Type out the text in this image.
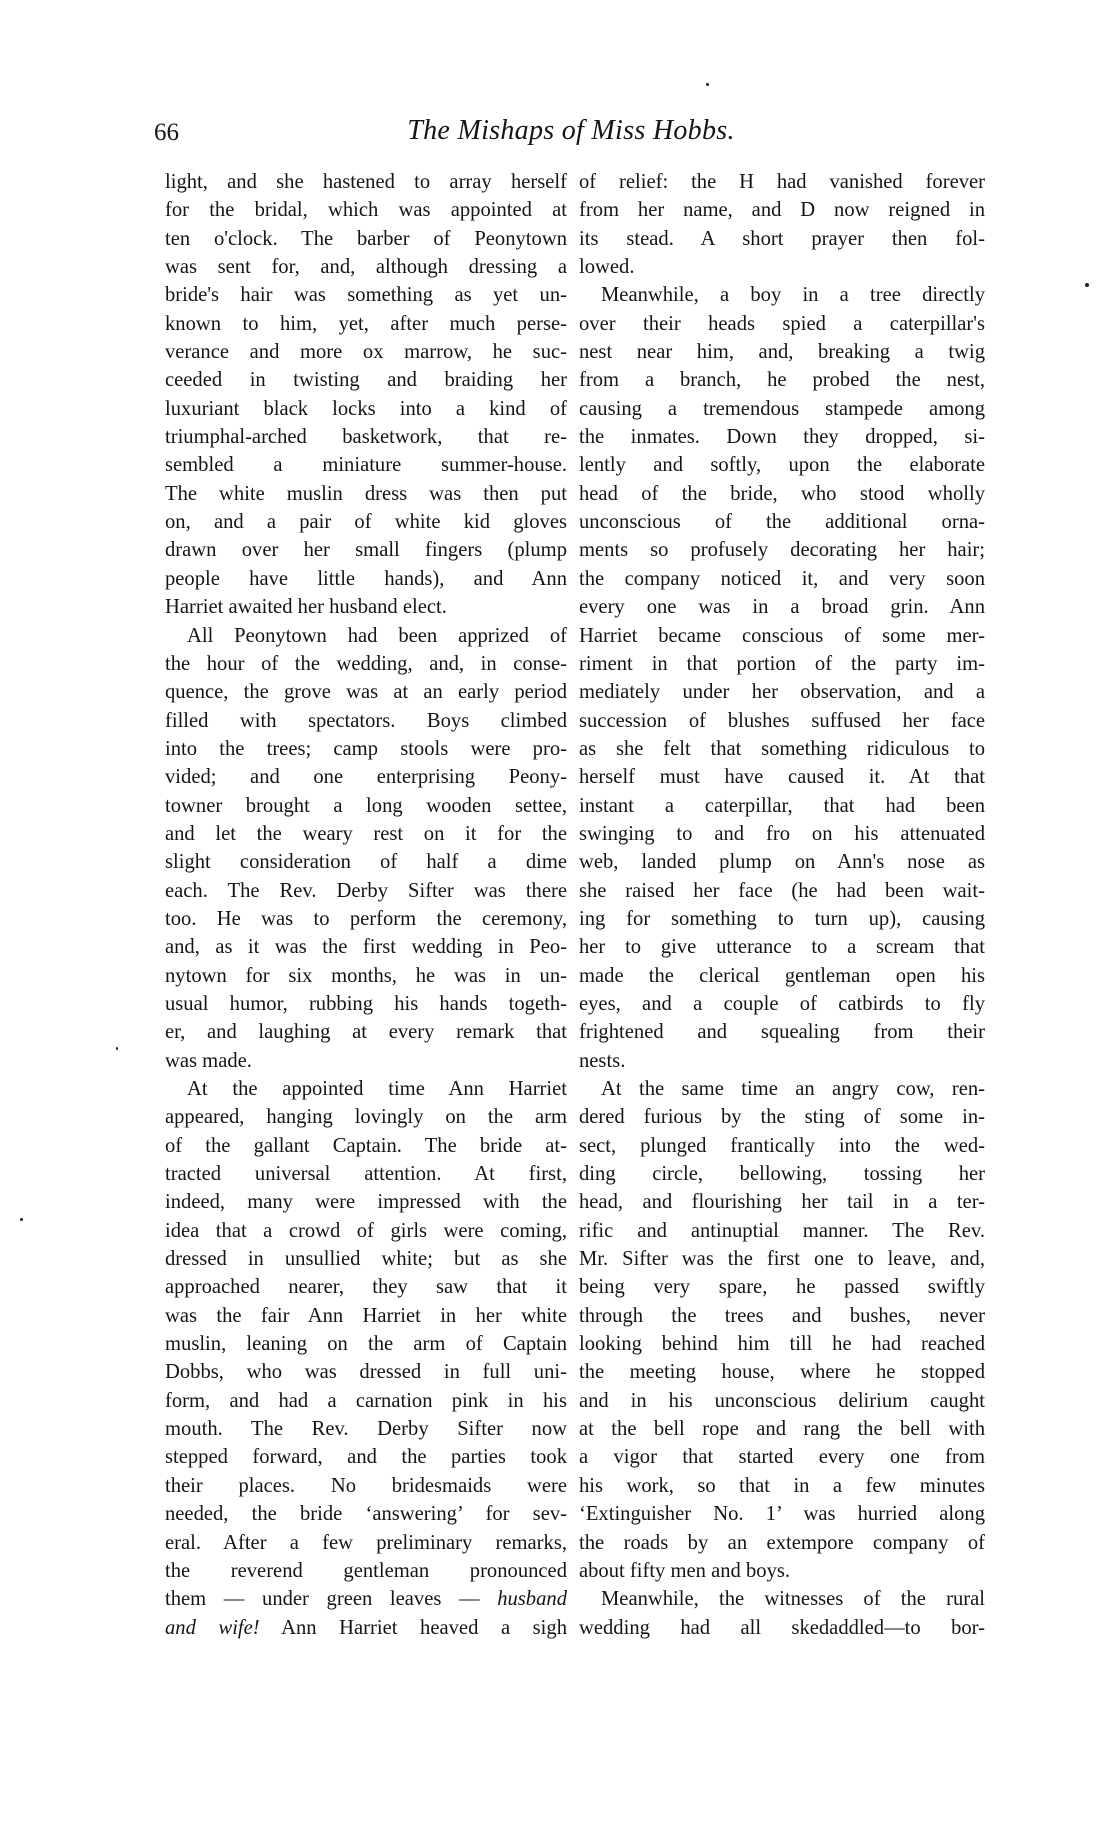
66	The Mishaps of Miss Hobbs.
light, and she hastened to array herself
for the bridal, which was appointed at
ten o'clock. The barber of Peonytown
was sent for, and, although dressing a
bride's hair was something as yet un-
known to him, yet, after much perse-
verance and more ox marrow, he suc-
ceeded in twisting and braiding her
luxuriant black locks into a kind of
triumphal-arched basketwork, that re-
sembled a miniature summer-house.
The white muslin dress was then put
on, and a pair of white kid gloves
drawn over her small fingers (plump
people have little hands), and Ann
Harriet awaited her husband elect.
All Peonytown had been apprized of
the hour of the wedding, and, in conse-
quence, the grove was at an early period
filled with spectators. Boys climbed
into the trees; camp stools were pro-
vided; and one enterprising Peony-
towner brought a long wooden settee,
and let the weary rest on it for the
slight consideration of half a dime
each. The Rev. Derby Sifter was there
too. He was to perform the ceremony,
and, as it was the first wedding in Peo-
nytown for six months, he was in un-
usual humor, rubbing his hands togeth-
er, and laughing at every remark that
was made.
At the appointed time Ann Harriet
appeared, hanging lovingly on the arm
of the gallant Captain. The bride at-
tracted universal attention. At first,
indeed, many were impressed with the
idea that a crowd of girls were coming,
dressed in unsullied white; but as she
approached nearer, they saw that it
was the fair Ann Harriet in her white
muslin, leaning on the arm of Captain
Dobbs, who was dressed in full uni-
form, and had a carnation pink in his
mouth. The Rev. Derby Sifter now
stepped forward, and the parties took
their places. No bridesmaids were
needed, the bride ‘answering’ for sev-
eral. After a few preliminary remarks,
the reverend gentleman pronounced
them — under green leaves — husband
and wife! Ann Harriet heaved a sigh
of relief: the H had vanished forever
from her name, and D now reigned in
its stead. A short prayer then fol-
lowed.
Meanwhile, a boy in a tree directly
over their heads spied a caterpillar's
nest near him, and, breaking a twig
from a branch, he probed the nest,
causing a tremendous stampede among
the inmates. Down they dropped, si-
lently and softly, upon the elaborate
head of the bride, who stood wholly
unconscious of the additional orna-
ments so profusely decorating her hair;
the company noticed it, and very soon
every one was in a broad grin. Ann
Harriet became conscious of some mer-
riment in that portion of the party im-
mediately under her observation, and a
succession of blushes suffused her face
as she felt that something ridiculous to
herself must have caused it. At that
instant a caterpillar, that had been
swinging to and fro on his attenuated
web, landed plump on Ann's nose as
she raised her face (he had been wait-
ing for something to turn up), causing
her to give utterance to a scream that
made the clerical gentleman open his
eyes, and a couple of catbirds to fly
frightened and squealing from their
nests.
At the same time an angry cow, ren-
dered furious by the sting of some in-
sect, plunged frantically into the wed-
ding circle, bellowing, tossing her
head, and flourishing her tail in a ter-
rific and antinuptial manner. The Rev.
Mr. Sifter was the first one to leave, and,
being very spare, he passed swiftly
through the trees and bushes, never
looking behind him till he had reached
the meeting house, where he stopped
and in his unconscious delirium caught
at the bell rope and rang the bell with
a vigor that started every one from
his work, so that in a few minutes
‘Extinguisher No. 1’ was hurried along
the roads by an extempore company of
about fifty men and boys.
Meanwhile, the witnesses of the rural
wedding had all skedaddled—to bor-
